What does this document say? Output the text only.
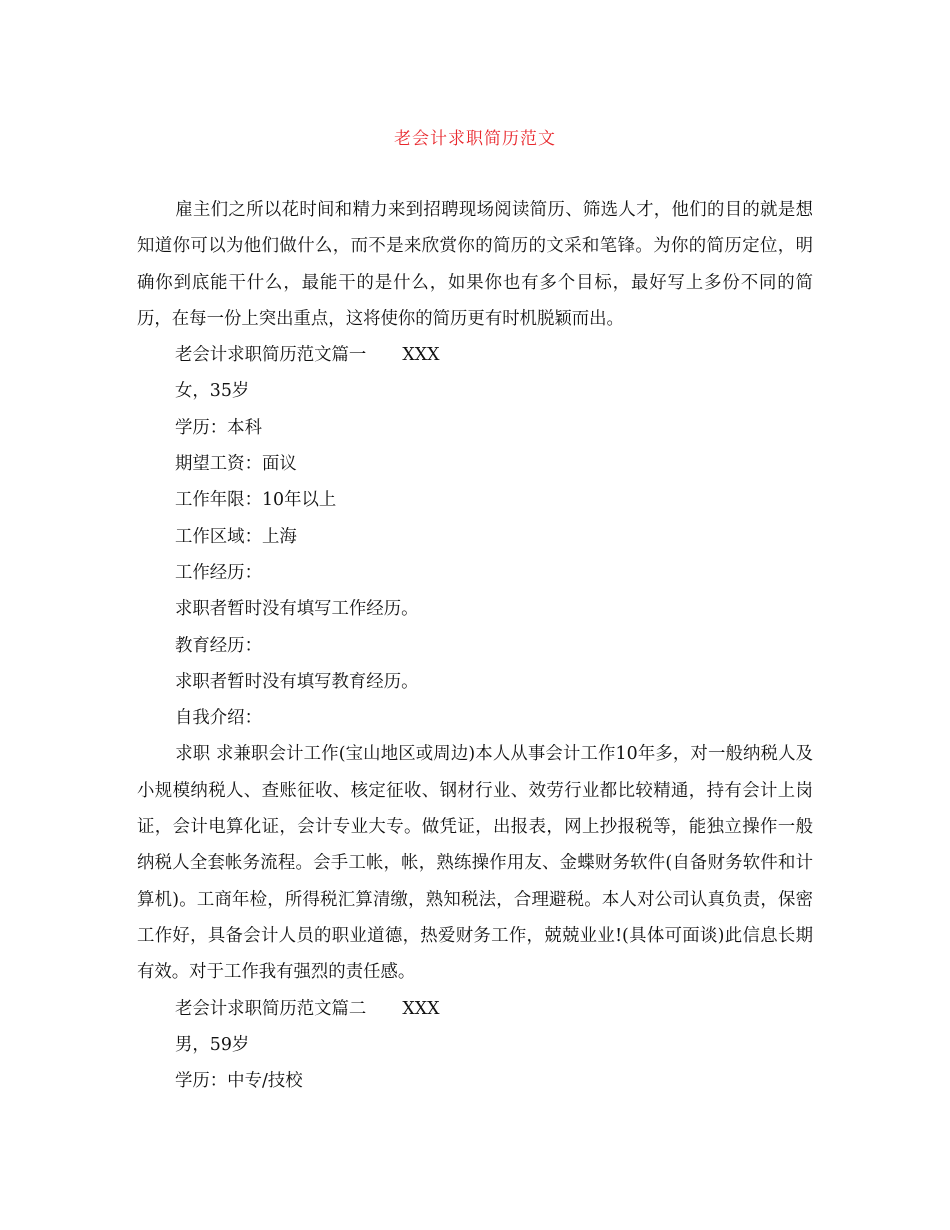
老会计求职简历范文

雇主们之所以花时间和精力来到招聘现场阅读简历、筛选人才，他们的目的就是想知道你可以为他们做什么，而不是来欣赏你的简历的文采和笔锋。为你的简历定位，明确你到底能干什么，最能干的是什么，如果你也有多个目标，最好写上多份不同的简历，在每一份上突出重点，这将使你的简历更有时机脱颖而出。

老会计求职简历范文篇一 XXX

女，35岁

学历：本科

期望工资：面议

工作年限：10年以上

工作区域：上海

工作经历：

求职者暂时没有填写工作经历。

教育经历：

求职者暂时没有填写教育经历。

自我介绍：

求职 求兼职会计工作(宝山地区或周边)本人从事会计工作10年多，对一般纳税人及小规模纳税人、查账征收、核定征收、钢材行业、效劳行业都比较精通，持有会计上岗证，会计电算化证，会计专业大专。做凭证，出报表，网上抄报税等，能独立操作一般纳税人全套帐务流程。会手工帐，帐，熟练操作用友、金蝶财务软件(自备财务软件和计算机)。工商年检，所得税汇算清缴，熟知税法，合理避税。本人对公司认真负责，保密工作好，具备会计人员的职业道德，热爱财务工作，兢兢业业!(具体可面谈)此信息长期有效。对于工作我有强烈的责任感。

老会计求职简历范文篇二 XXX

男，59岁

学历：中专/技校
